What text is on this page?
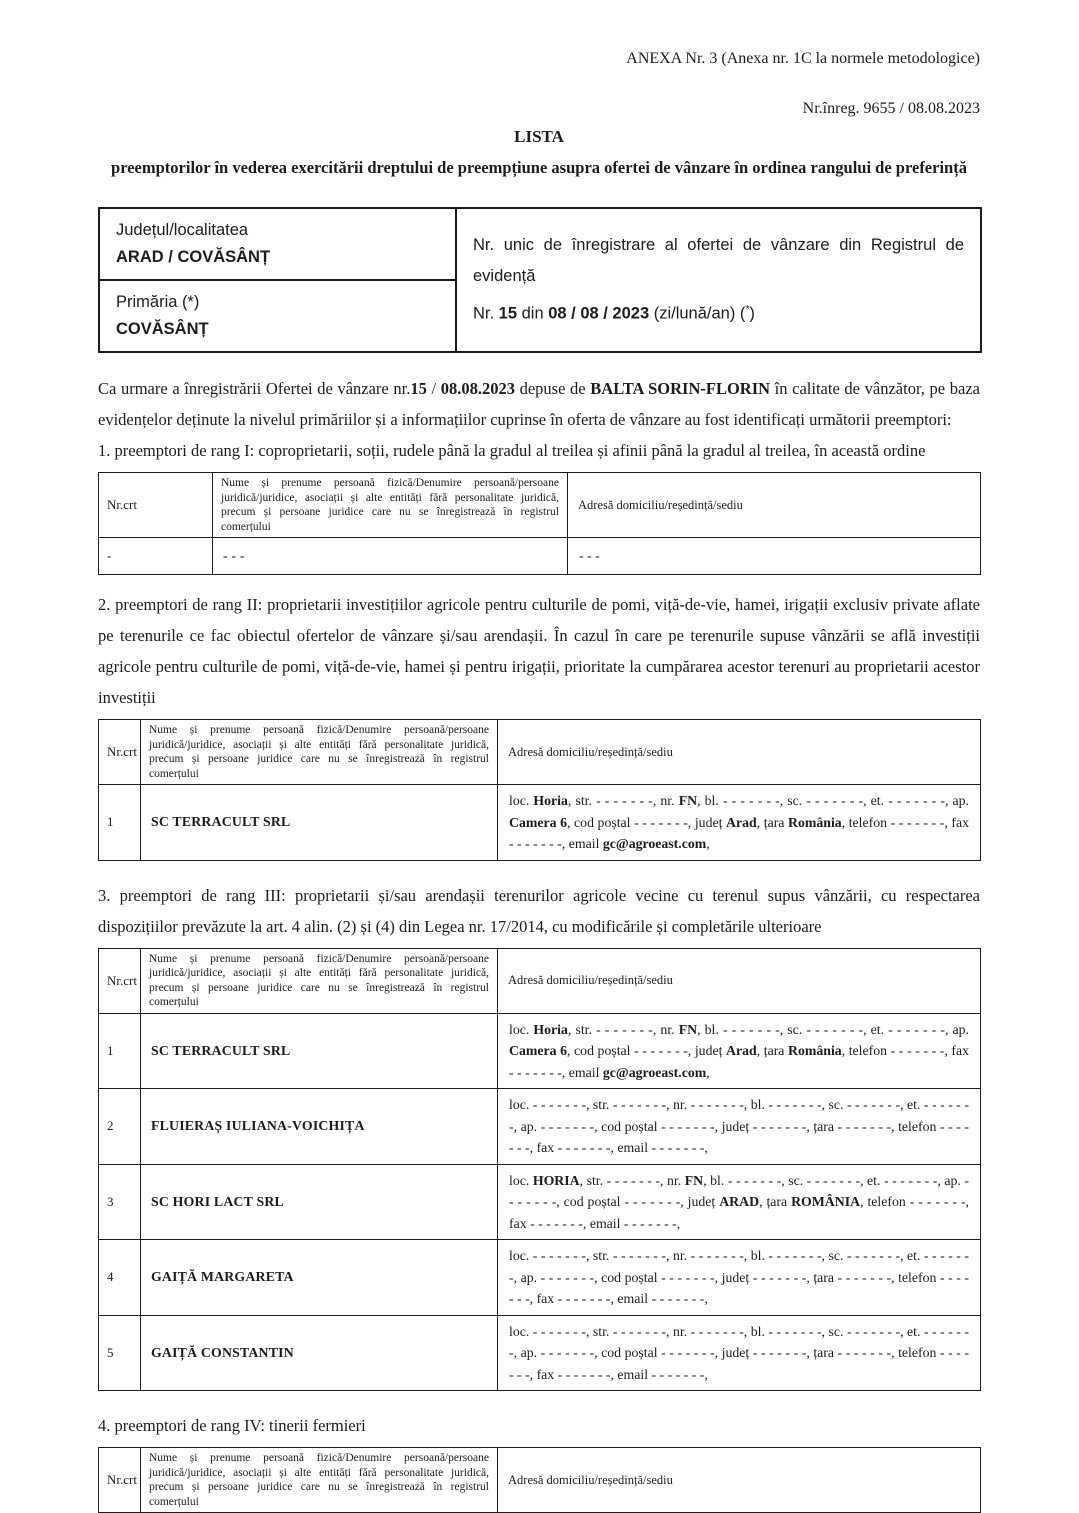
ANEXA Nr. 3 (Anexa nr. 1C la normele metodologice)
Nr.înreg. 9655 / 08.08.2023
LISTA
preemptorilor în vederea exercitării dreptului de preempțiune asupra ofertei de vânzare în ordinea rangului de preferință
Județul/localitatea
ARAD / COVĂSÂNȚ

Nr. unic de înregistrare al ofertei de vânzare din Registrul de evidență
Nr. 15 din 08 / 08 / 2023 (zi/lună/an) (*)

Primăria (*)
COVĂSÂNȚ

Ca urmare a înregistrării Ofertei de vânzare nr.15 / 08.08.2023 depuse de BALTA SORIN-FLORIN în calitate de vânzător, pe baza evidențelor deținute la nivelul primăriilor și a informațiilor cuprinse în oferta de vânzare au fost identificați următorii preemptori:

1. preemptori de rang I: coproprietarii, soții, rudele până la gradul al treilea și afinii până la gradul al treilea, în această ordine

Nr.crt	Nume și prenume persoană fizică/Denumire persoană/persoane juridică/juridice, asociații și alte entități fără personalitate juridică, precum și persoane juridice care nu se înregistrează în registrul comerțului	Adresă domiciliu/reședință/sediu
-	- - -	- - -

2. preemptori de rang II: proprietarii investițiilor agricole pentru culturile de pomi, viță-de-vie, hamei, irigații exclusiv private aflate pe terenurile ce fac obiectul ofertelor de vânzare și/sau arendașii. În cazul în care pe terenurile supuse vânzării se află investiții agricole pentru culturile de pomi, viță-de-vie, hamei și pentru irigații, prioritate la cumpărarea acestor terenuri au proprietarii acestor investiții

Nr.crt	Nume și prenume persoană fizică/Denumire persoană/persoane juridică/juridice, asociații și alte entități fără personalitate juridică, precum și persoane juridice care nu se înregistrează în registrul comerțului	Adresă domiciliu/reședință/sediu
1	SC TERRACULT SRL	loc. Horia, str. - - - - - - -, nr. FN, bl. - - - - - - -, sc. - - - - - - -, et. - - - - - - -, ap. Camera 6, cod poștal - - - - - - -, județ Arad, țara România, telefon - - - - - - -, fax - - - - - - -, email gc@agroeast.com,

3. preemptori de rang III: proprietarii și/sau arendașii terenurilor agricole vecine cu terenul supus vânzării, cu respectarea dispozițiilor prevăzute la art. 4 alin. (2) și (4) din Legea nr. 17/2014, cu modificările și completările ulterioare

Nr.crt	Nume și prenume persoană fizică/Denumire persoană/persoane juridică/juridice, asociații și alte entități fără personalitate juridică, precum și persoane juridice care nu se înregistrează în registrul comerțului	Adresă domiciliu/reședință/sediu
1	SC TERRACULT SRL	loc. Horia, str. - - - - - - -, nr. FN, bl. - - - - - - -, sc. - - - - - - -, et. - - - - - - -, ap. Camera 6, cod poștal - - - - - - -, județ Arad, țara România, telefon - - - - - - -, fax - - - - - - -, email gc@agroeast.com,
2	FLUIERAȘ IULIANA-VOICHIȚA	loc. - - - - - - -, str. - - - - - - -, nr. - - - - - - -, bl. - - - - - - -, sc. - - - - - - -, et. - - - - - - -, ap. - - - - - - -, cod poștal - - - - - - -, județ - - - - - - -, țara - - - - - - -, telefon - - - - - - -, fax - - - - - - -, email - - - - - - -,
3	SC HORI LACT SRL	loc. HORIA, str. - - - - - - -, nr. FN, bl. - - - - - - -, sc. - - - - - - -, et. - - - - - - -, ap. - - - - - - -, cod poștal - - - - - - -, județ ARAD, țara ROMÂNIA, telefon - - - - - - -, fax - - - - - - -, email - - - - - - -,
4	GAIȚĂ MARGARETA	loc. - - - - - - -, str. - - - - - - -, nr. - - - - - - -, bl. - - - - - - -, sc. - - - - - - -, et. - - - - - - -, ap. - - - - - - -, cod poștal - - - - - - -, județ - - - - - - -, țara - - - - - - -, telefon - - - - - - -, fax - - - - - - -, email - - - - - - -,
5	GAIȚĂ CONSTANTIN	loc. - - - - - - -, str. - - - - - - -, nr. - - - - - - -, bl. - - - - - - -, sc. - - - - - - -, et. - - - - - - -, ap. - - - - - - -, cod poștal - - - - - - -, județ - - - - - - -, țara - - - - - - -, telefon - - - - - - -, fax - - - - - - -, email - - - - - - -,

4. preemptori de rang IV: tinerii fermieri

Nr.crt	Nume și prenume persoană fizică/Denumire persoană/persoane juridică/juridice, asociații și alte entități fără personalitate juridică, precum și persoane juridice care nu se înregistrează în registrul comerțului	Adresă domiciliu/reședință/sediu
